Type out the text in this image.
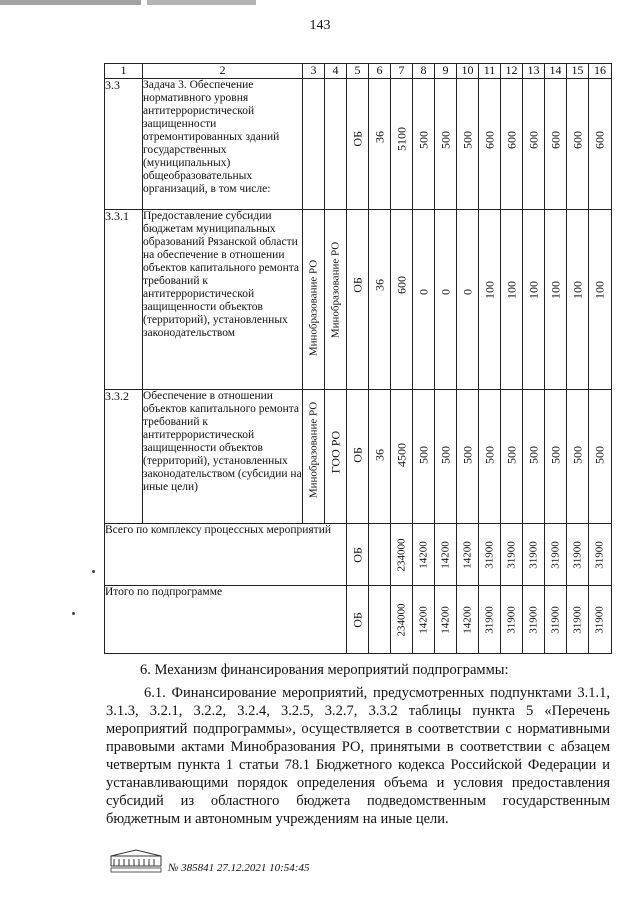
143
1	2	3	4	5	6	7	8	9	10	11	12	13	14	15	16
3.3	Задача 3. Обеспечение нормативного уровня антитеррористической защищенности отремонтированных зданий государственных (муниципальных) общеобразовательных организаций, в том числе:			ОБ	36	5100	500	500	500	600	600	600	600	600	600

3.3.1	Предоставление субсидии бюджетам муниципальных образований Рязанской области на обеспечение в отношении объектов капитального ремонта требований к антитеррористической защищенности объектов (территорий), установленных законодательством	Минобразование РО	Минобразование РО	ОБ	36	600	0	0	0	100	100	100	100	100	100

3.3.2	Обеспечение в отношении объектов капитального ремонта требований к антитеррористической защищенности объектов (территорий), установленных законодательством (субсидии на иные цели)	Минобразование РО	ГОО РО	ОБ	36	4500	500	500	500	500	500	500	500	500	500

Всего по комплексу процессных мероприятий				ОБ		234000	14200	14200	14200	31900	31900	31900	31900	31900	31900

Итого по подпрограмме				ОБ		234000	14200	14200	14200	31900	31900	31900	31900	31900	31900
6. Механизм финансирования мероприятий подпрограммы:
6.1. Финансирование мероприятий, предусмотренных подпунктами 3.1.1, 3.1.3, 3.2.1, 3.2.2, 3.2.4, 3.2.5, 3.2.7, 3.3.2 таблицы пункта 5 «Перечень мероприятий подпрограммы», осуществляется в соответствии с нормативными правовыми актами Минобразования РО, принятыми в соответствии с абзацем четвертым пункта 1 статьи 78.1 Бюджетного кодекса Российской Федерации и устанавливающими порядок определения объема и условия предоставления субсидий из областного бюджета подведомственным государственным бюджетным и автономным учреждениям на иные цели.
№ 385841 27.12.2021 10:54:45
